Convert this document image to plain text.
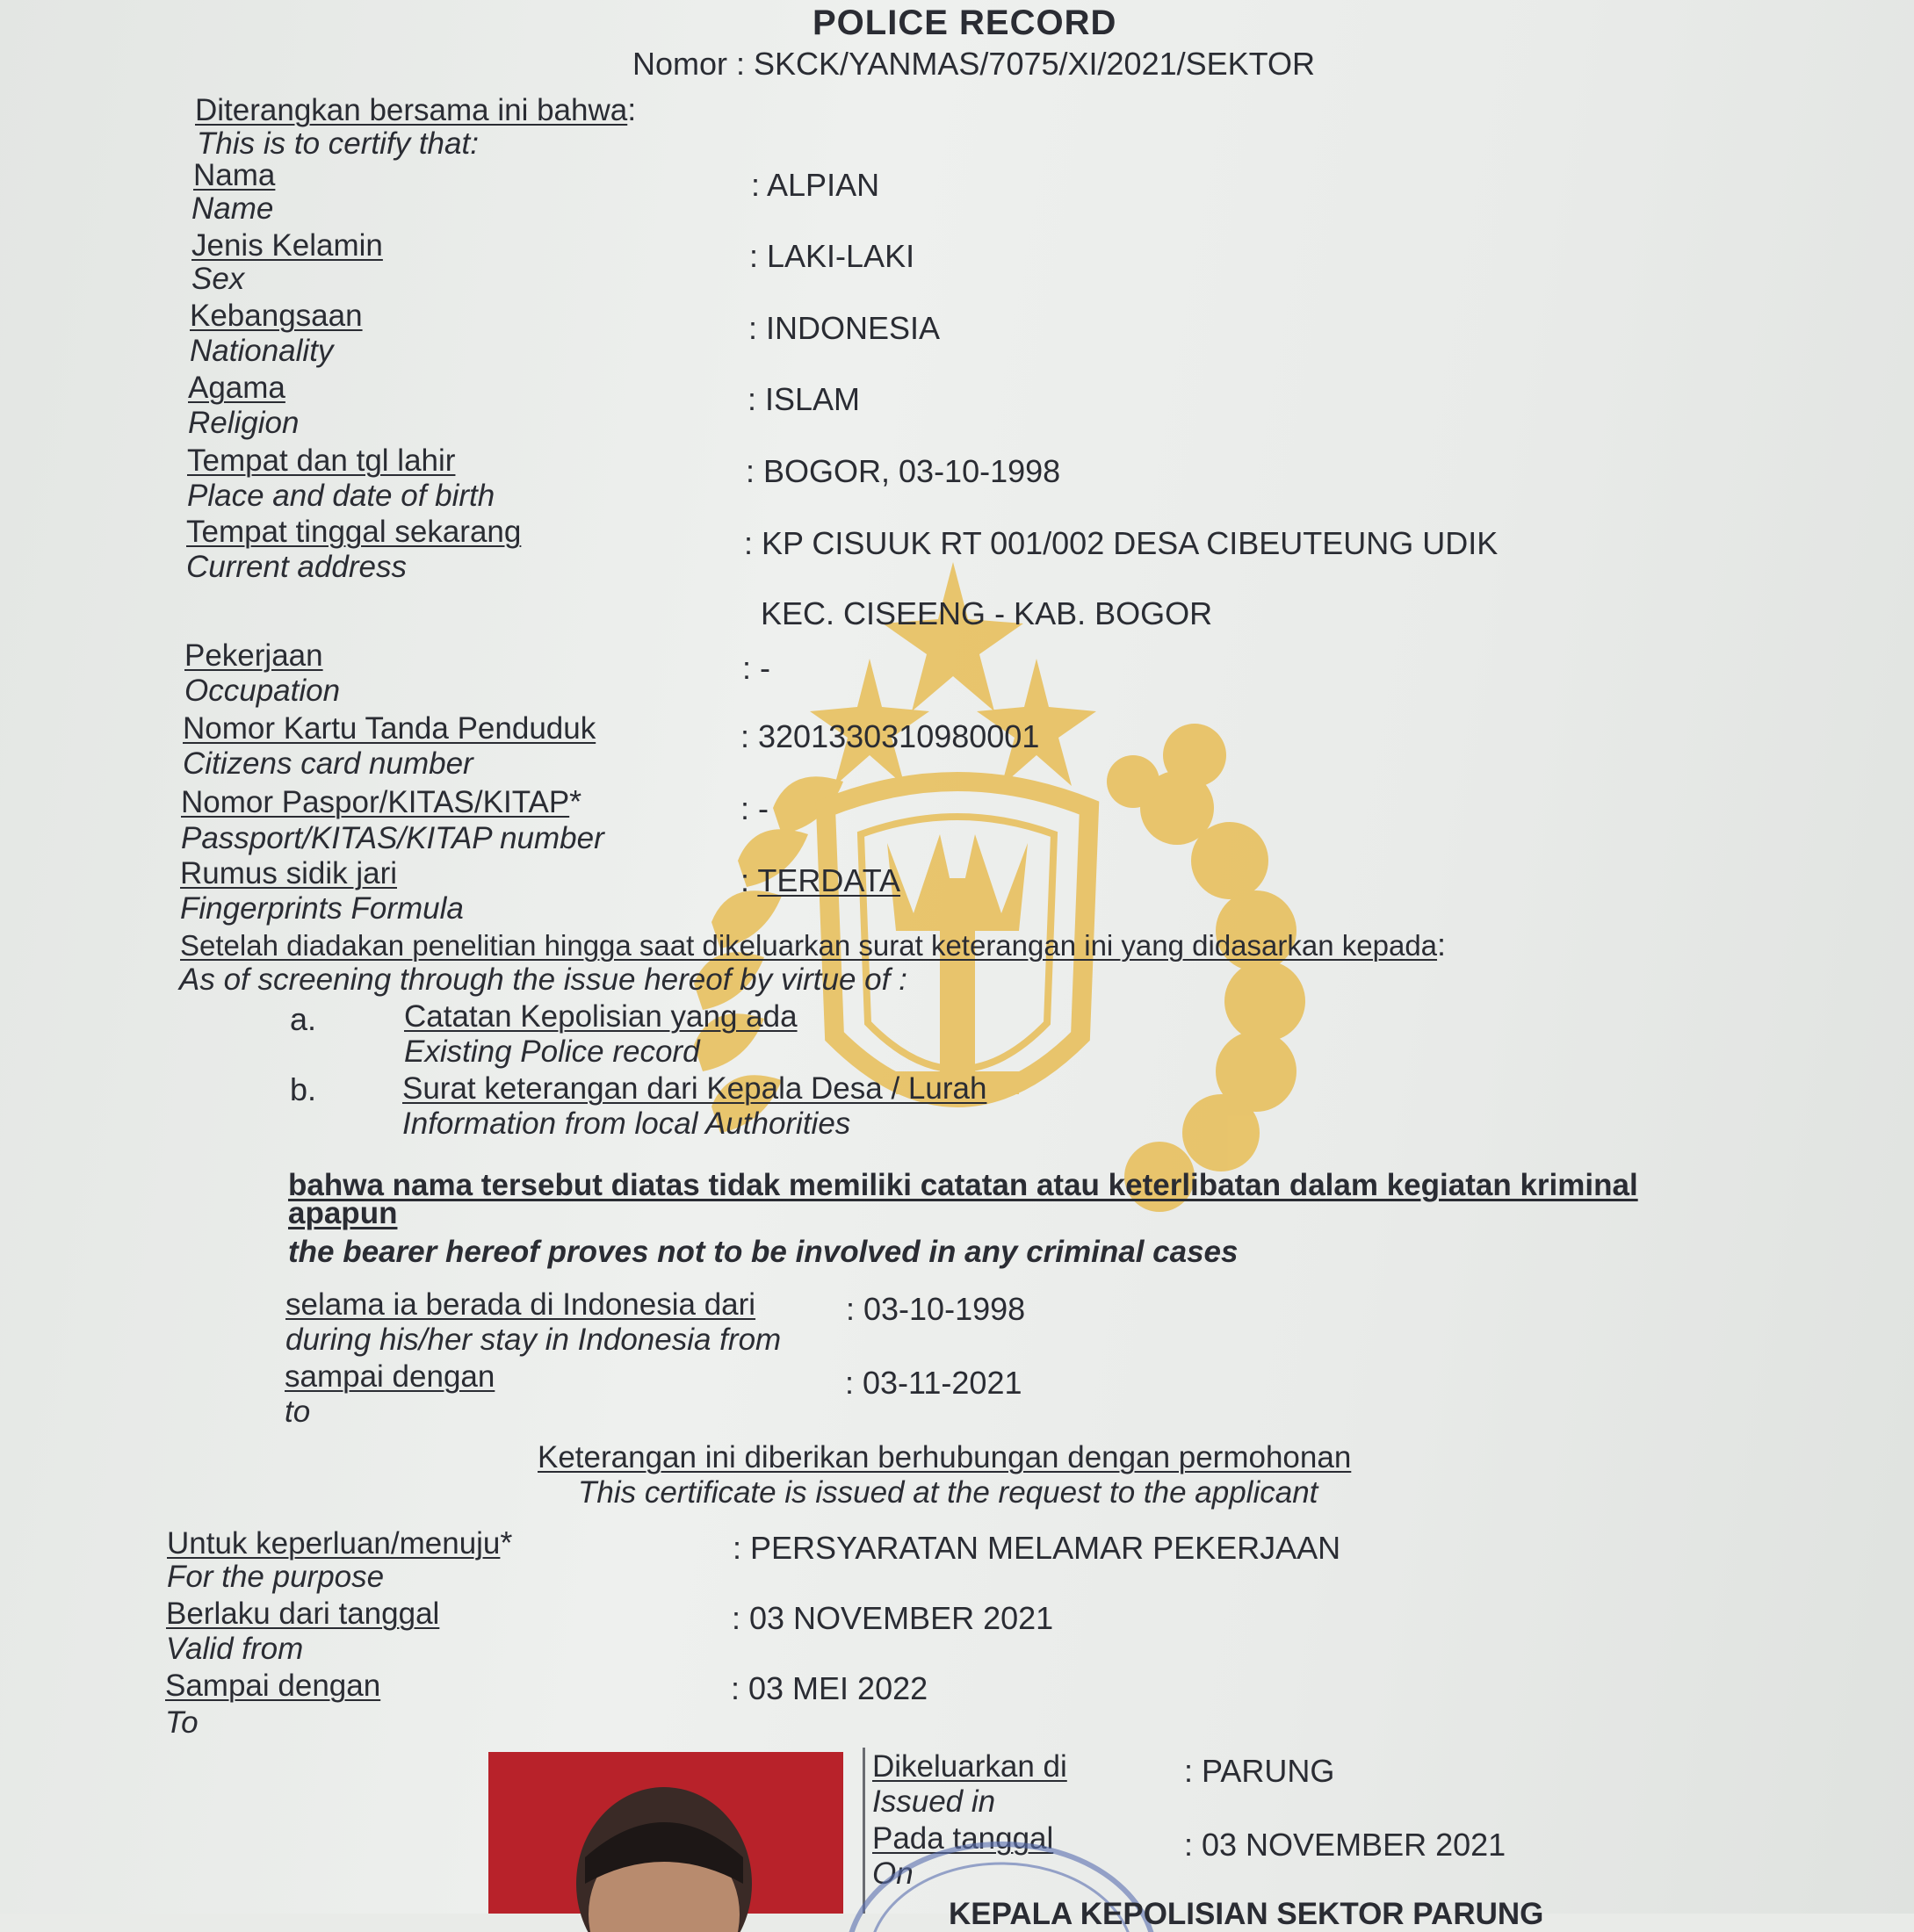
POLICE RECORD
Nomor : SKCK/YANMAS/7075/XI/2021/SEKTOR
Diterangkan bersama ini bahwa:
This is to certify that:
Nama
Name
: ALPIAN
Jenis Kelamin
Sex
: LAKI-LAKI
Kebangsaan
Nationality
: INDONESIA
Agama
Religion
: ISLAM
Tempat dan tgl lahir
Place and date of birth
: BOGOR, 03-10-1998
Tempat tinggal sekarang
Current address
: KP CISUUK RT 001/002 DESA CIBEUTEUNG UDIK
KEC. CISEENG - KAB. BOGOR
Pekerjaan
Occupation
: -
Nomor Kartu Tanda Penduduk
Citizens card number
: 3201330310980001
Nomor Paspor/KITAS/KITAP*
Passport/KITAS/KITAP number
: -
Rumus sidik jari
Fingerprints Formula
: TERDATA
Setelah diadakan penelitian hingga saat dikeluarkan surat keterangan ini yang didasarkan kepada:
As of screening through the issue hereof by virtue of :
a.	Catatan Kepolisian yang ada
Existing Police record
b.	Surat keterangan dari Kepala Desa / Lurah
Information from local Authorities
bahwa nama tersebut diatas tidak memiliki catatan atau keterlibatan dalam kegiatan kriminal
apapun
the bearer hereof proves not to be involved in any criminal cases
selama ia berada di Indonesia dari
during his/her stay in Indonesia from
: 03-10-1998
sampai dengan
to
: 03-11-2021
Keterangan ini diberikan berhubungan dengan permohonan
This certificate is issued at the request to the applicant
Untuk keperluan/menuju*
For the purpose
: PERSYARATAN MELAMAR PEKERJAAN
Berlaku dari tanggal
Valid from
: 03 NOVEMBER 2021
Sampai dengan
To
: 03 MEI 2022
Dikeluarkan di
Issued in
: PARUNG
Pada tanggal
On
: 03 NOVEMBER 2021
KEPALA KEPOLISIAN SEKTOR PARUNG
